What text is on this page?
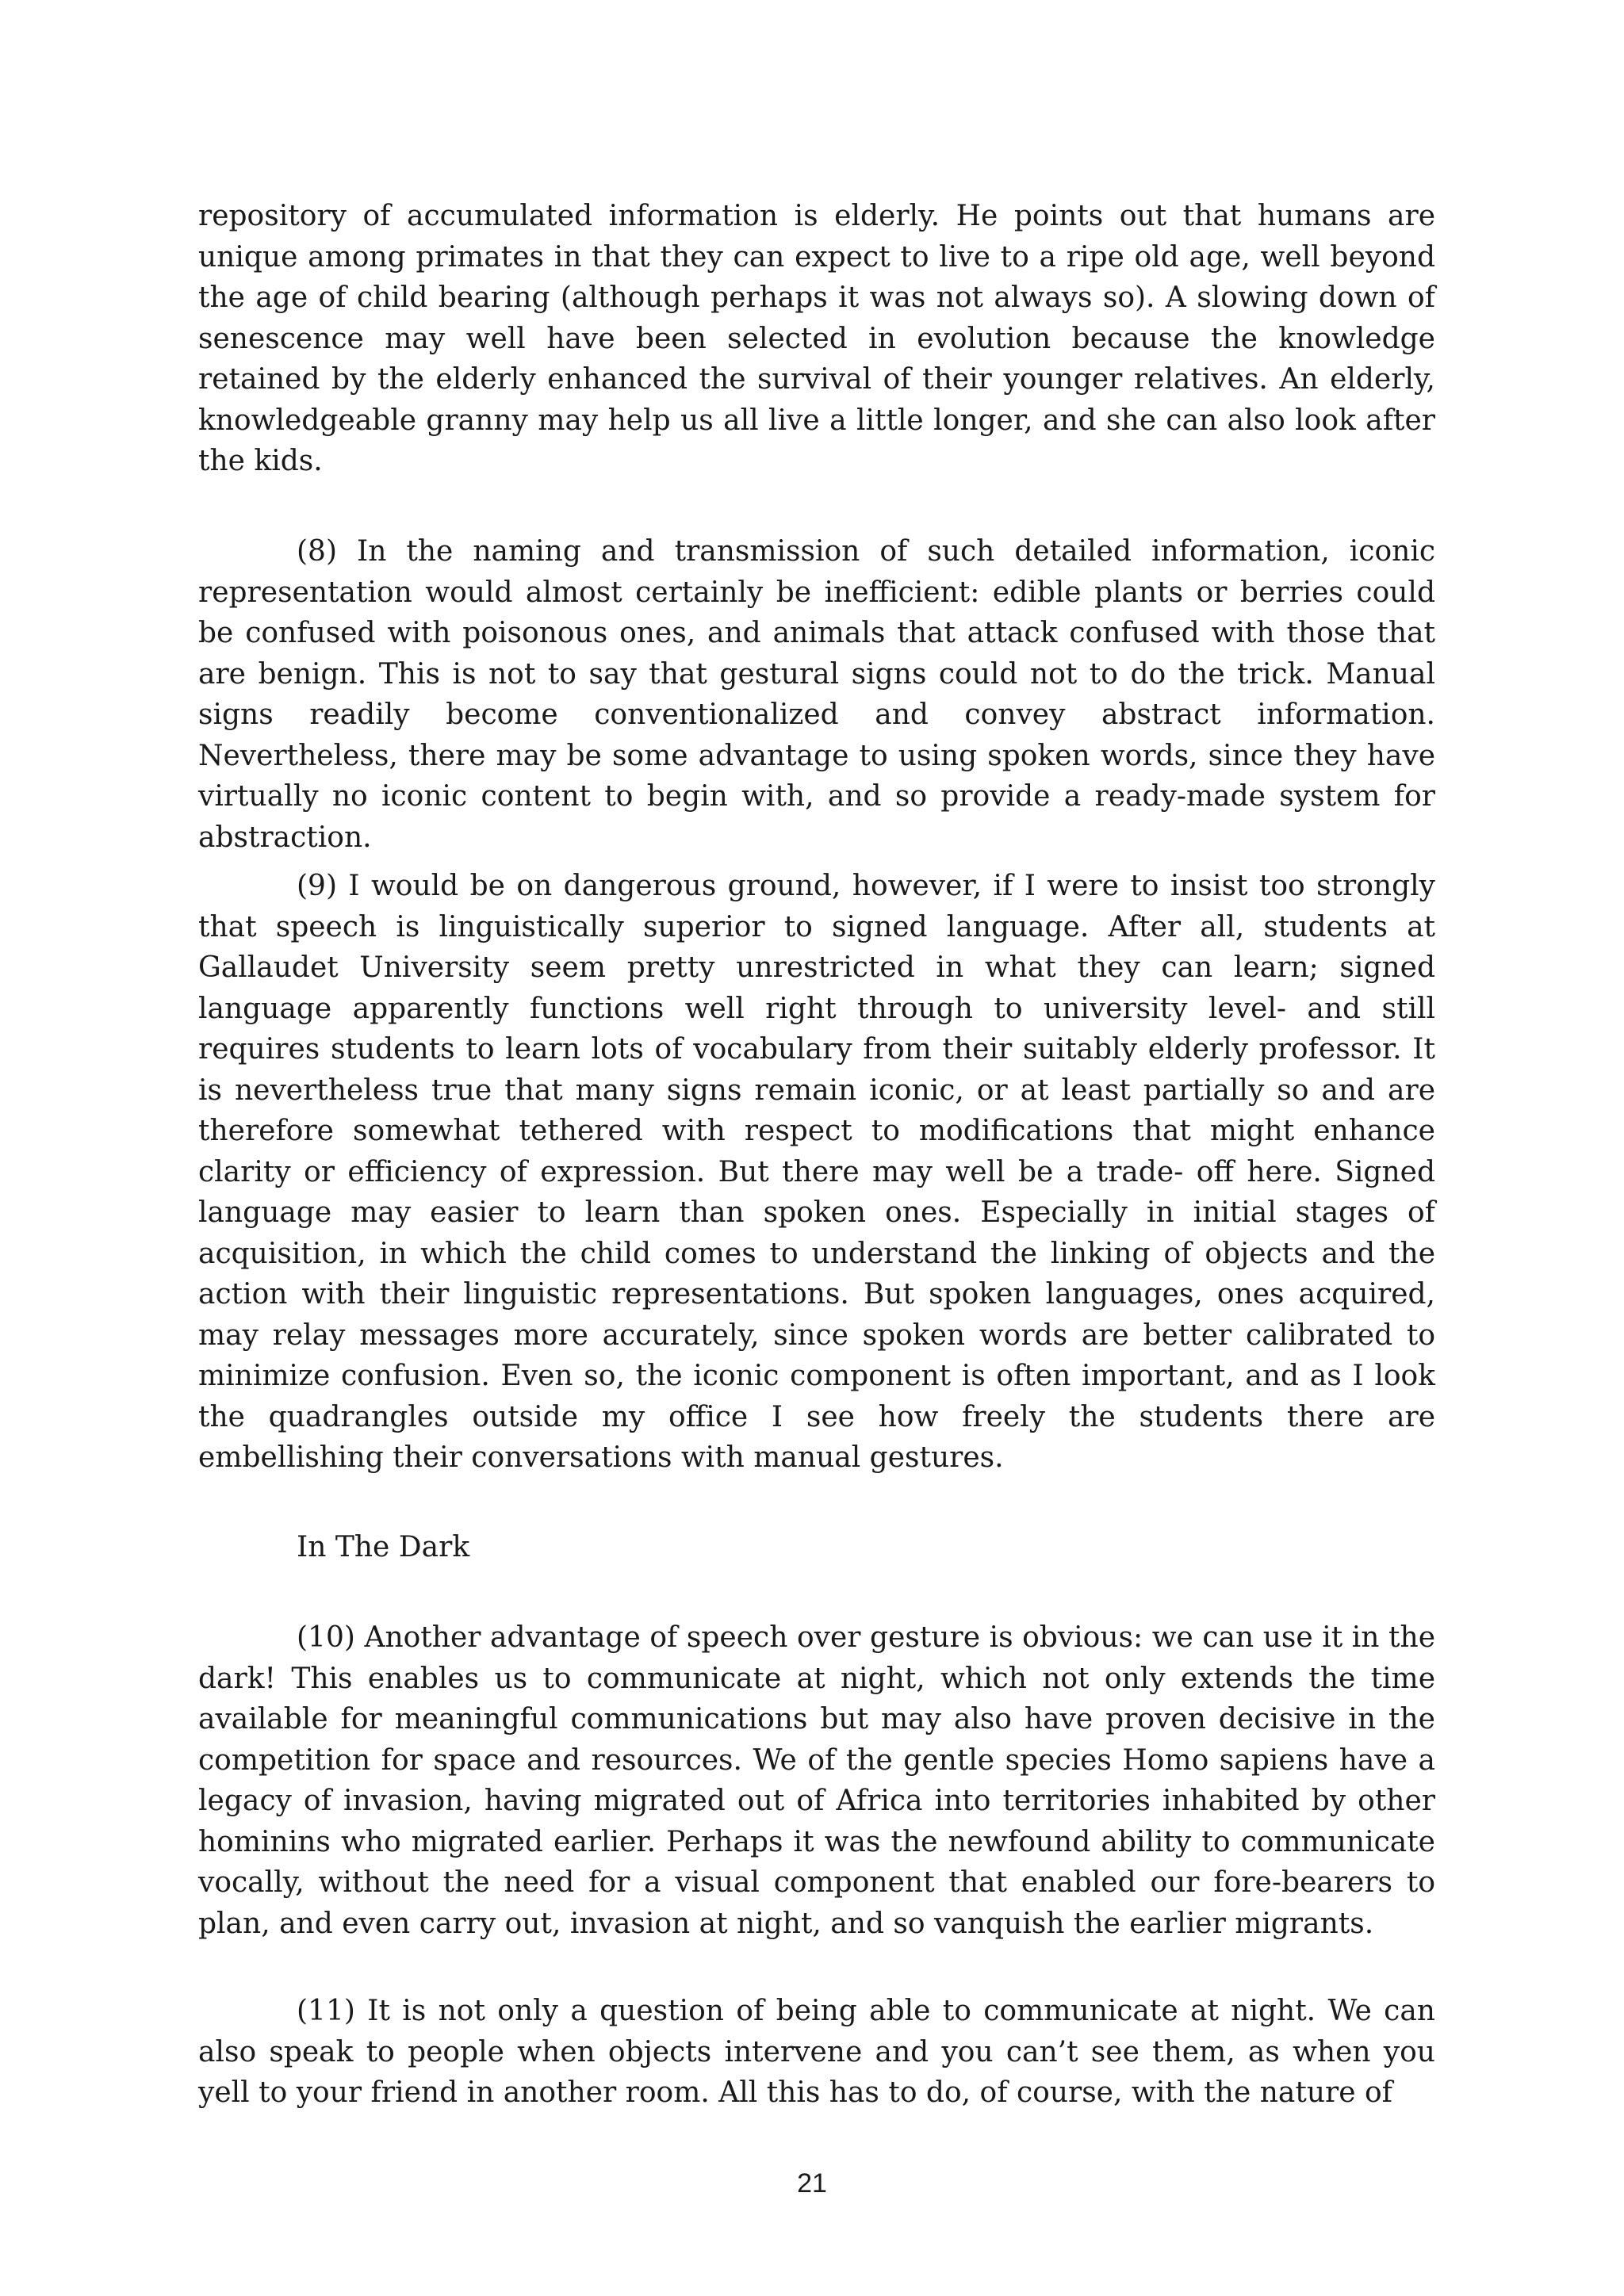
repository of accumulated information is elderly. He points out that humans are unique among primates in that they can expect to live to a ripe old age, well beyond the age of child bearing (although perhaps it was not always so). A slowing down of senescence may well have been selected in evolution because the knowledge retained by the elderly enhanced the survival of their younger relatives. An elderly, knowledgeable granny may help us all live a little longer, and she can also look after the kids.

(8) In the naming and transmission of such detailed information, iconic representation would almost certainly be inefficient: edible plants or berries could be confused with poisonous ones, and animals that attack confused with those that are benign. This is not to say that gestural signs could not to do the trick. Manual signs readily become conventionalized and convey abstract information. Nevertheless, there may be some advantage to using spoken words, since they have virtually no iconic content to begin with, and so provide a ready-made system for abstraction.

(9) I would be on dangerous ground, however, if I were to insist too strongly that speech is linguistically superior to signed language. After all, students at Gallaudet University seem pretty unrestricted in what they can learn; signed language apparently functions well right through to university level- and still requires students to learn lots of vocabulary from their suitably elderly professor. It is nevertheless true that many signs remain iconic, or at least partially so and are therefore somewhat tethered with respect to modifications that might enhance clarity or efficiency of expression. But there may well be a trade- off here. Signed language may easier to learn than spoken ones. Especially in initial stages of acquisition, in which the child comes to understand the linking of objects and the action with their linguistic representations. But spoken languages, ones acquired, may relay messages more accurately, since spoken words are better calibrated to minimize confusion. Even so, the iconic component is often important, and as I look the quadrangles outside my office I see how freely the students there are embellishing their conversations with manual gestures.

In The Dark

(10) Another advantage of speech over gesture is obvious: we can use it in the dark! This enables us to communicate at night, which not only extends the time available for meaningful communications but may also have proven decisive in the competition for space and resources. We of the gentle species Homo sapiens have a legacy of invasion, having migrated out of Africa into territories inhabited by other hominins who migrated earlier. Perhaps it was the newfound ability to communicate vocally, without the need for a visual component that enabled our fore-bearers to plan, and even carry out, invasion at night, and so vanquish the earlier migrants.

(11) It is not only a question of being able to communicate at night. We can also speak to people when objects intervene and you can’t see them, as when you yell to your friend in another room. All this has to do, of course, with the nature of

21
